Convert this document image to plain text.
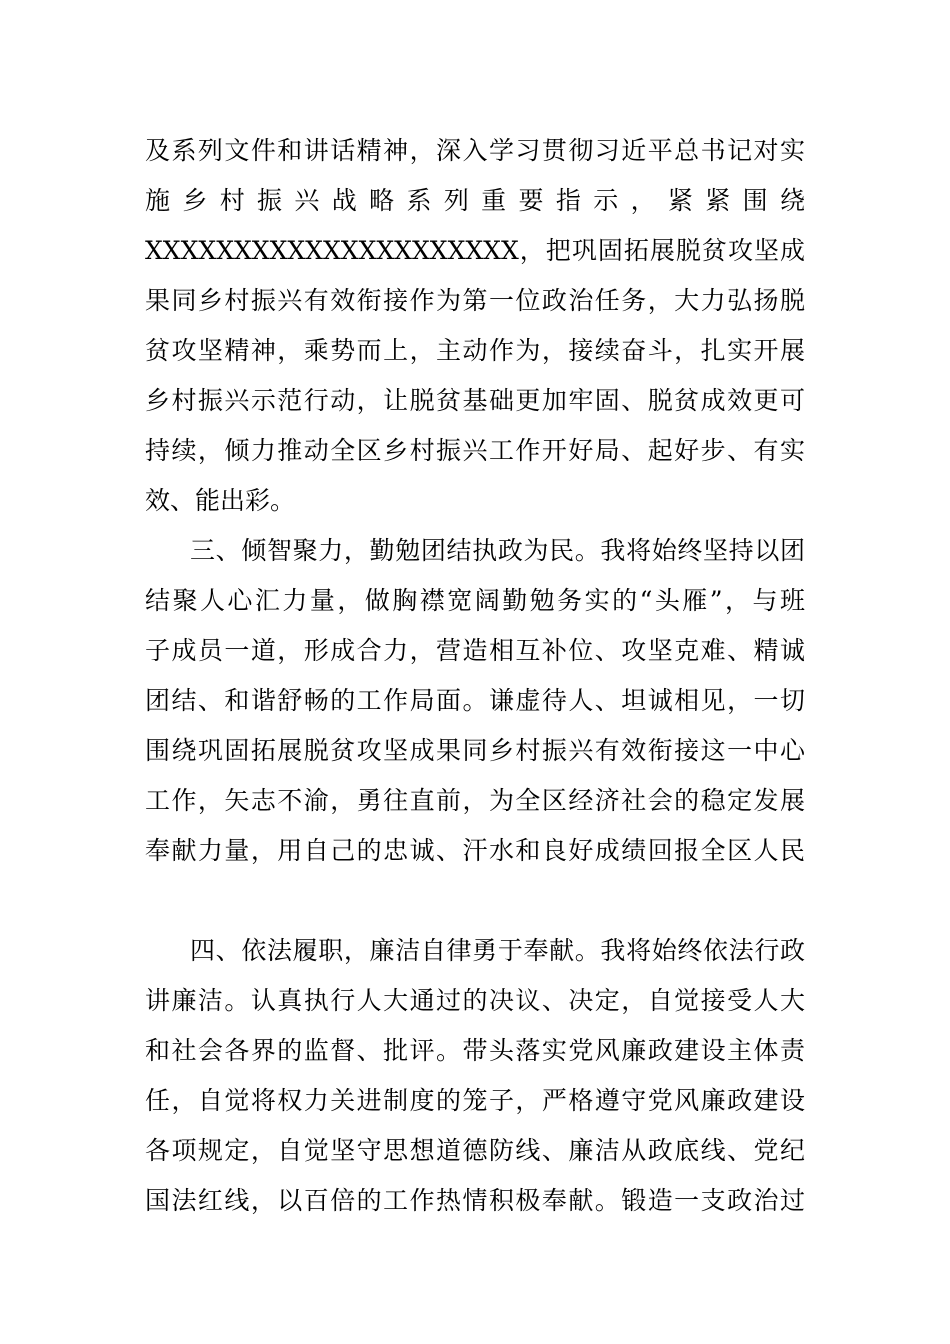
及系列文件和讲话精神，深入学习贯彻习近平总书记对实
施乡村振兴战略系列重要指示，紧紧围绕
XXXXXXXXXXXXXXXXXXXXX，把巩固拓展脱贫攻坚成
果同乡村振兴有效衔接作为第一位政治任务，大力弘扬脱
贫攻坚精神，乘势而上，主动作为，接续奋斗，扎实开展
乡村振兴示范行动，让脱贫基础更加牢固、脱贫成效更可
持续，倾力推动全区乡村振兴工作开好局、起好步、有实
效、能出彩。
三、倾智聚力，勤勉团结执政为民。我将始终坚持以团
结聚人心汇力量，做胸襟宽阔勤勉务实的“头雁”，与班
子成员一道，形成合力，营造相互补位、攻坚克难、精诚
团结、和谐舒畅的工作局面。谦虚待人、坦诚相见，一切
围绕巩固拓展脱贫攻坚成果同乡村振兴有效衔接这一中心
工作，矢志不渝，勇往直前，为全区经济社会的稳定发展
奉献力量，用自己的忠诚、汗水和良好成绩回报全区人民
四、依法履职，廉洁自律勇于奉献。我将始终依法行政
讲廉洁。认真执行人大通过的决议、决定，自觉接受人大
和社会各界的监督、批评。带头落实党风廉政建设主体责
任，自觉将权力关进制度的笼子，严格遵守党风廉政建设
各项规定，自觉坚守思想道德防线、廉洁从政底线、党纪
国法红线，以百倍的工作热情积极奉献。锻造一支政治过
